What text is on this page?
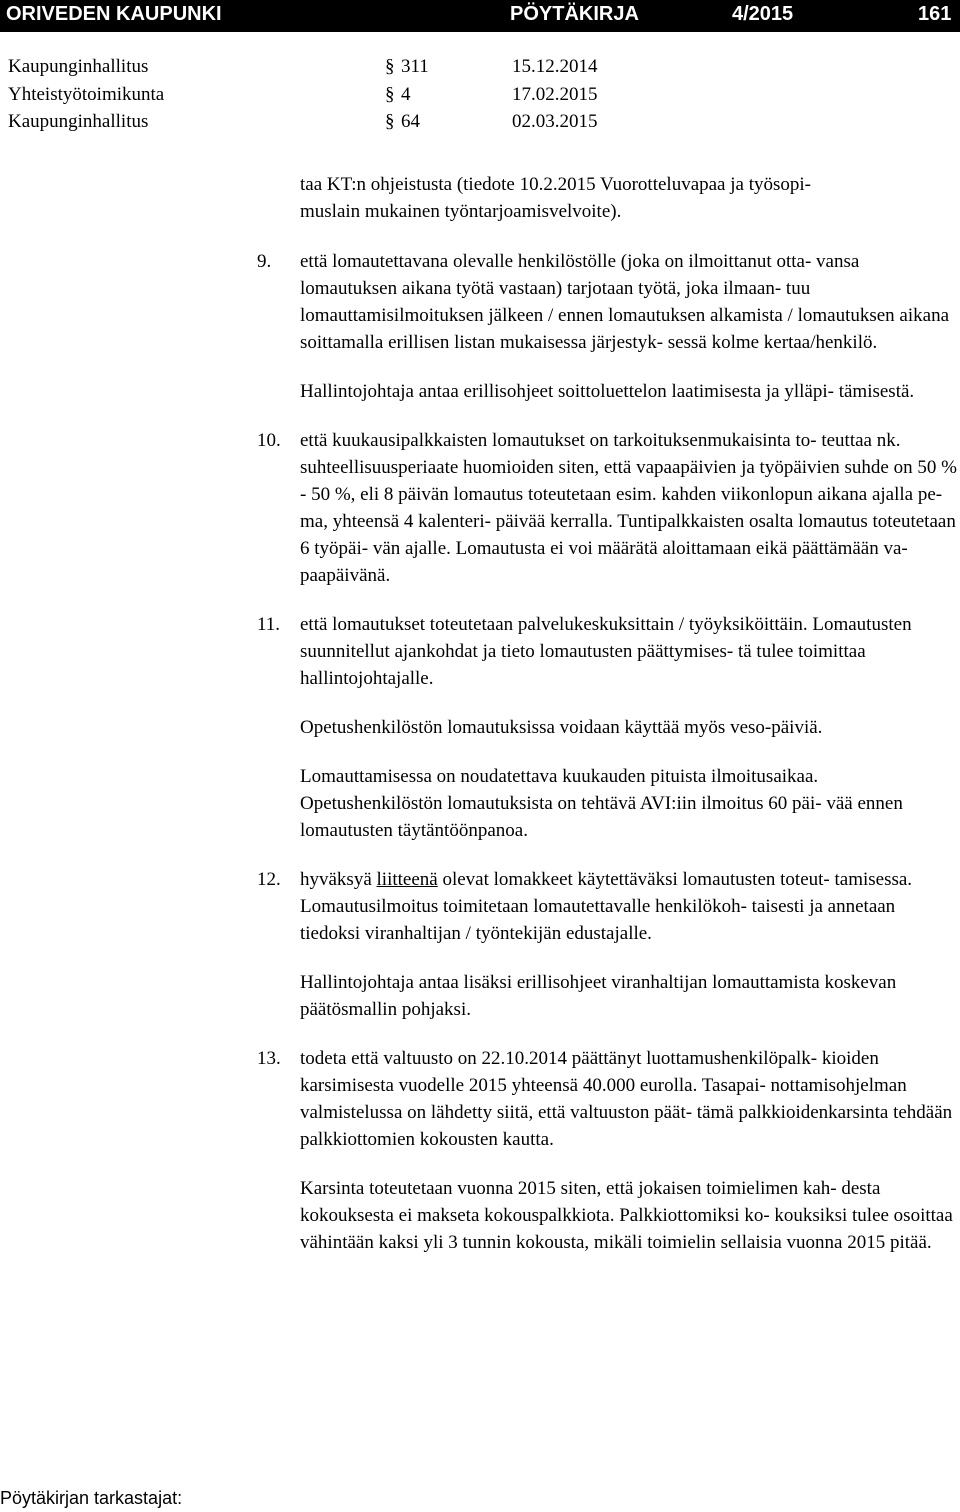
ORIVEDEN KAUPUNKI	PÖYTÄKIRJA	4/2015	161
Kaupunginhallitus	§ 311	15.12.2014
Yhteistyötoimikunta	§ 4	17.02.2015
Kaupunginhallitus	§ 64	02.03.2015

taa KT:n ohjeistusta (tiedote 10.2.2015 Vuorotteluvapaa ja työsopi-

muslain mukainen työntarjoamisvelvoite).

9. että lomautettavana olevalle henkilöstölle (joka on ilmoittanut otta- vansa lomautuksen aikana työtä vastaan) tarjotaan työtä, joka ilmaan- tuu lomauttamisilmoituksen jälkeen / ennen lomautuksen alkamista / lomautuksen aikana soittamalla erillisen listan mukaisessa järjestyk- sessä kolme kertaa/henkilö.

Hallintojohtaja antaa erillisohjeet soittoluettelon laatimisesta ja ylläpi- tämisestä.

10. että kuukausipalkkaisten lomautukset on tarkoituksenmukaisinta to- teuttaa nk. suhteellisuusperiaate huomioiden siten, että vapaapäivien ja työpäivien suhde on 50 % - 50 %, eli 8 päivän lomautus toteutetaan esim. kahden viikonlopun aikana ajalla pe-ma, yhteensä 4 kalenteri- päivää kerralla. Tuntipalkkaisten osalta lomautus toteutetaan 6 työpäi- vän ajalle. Lomautusta ei voi määrätä aloittamaan eikä päättämään va- paapäivänä.

11. että lomautukset toteutetaan palvelukeskuksittain / työyksiköittäin. Lomautusten suunnitellut ajankohdat ja tieto lomautusten päättymises- tä tulee toimittaa hallintojohtajalle.

Opetushenkilöstön lomautuksissa voidaan käyttää myös veso-päiviä.

Lomauttamisessa on noudatettava kuukauden pituista ilmoitusaikaa. Opetushenkilöstön lomautuksista on tehtävä AVI:iin ilmoitus 60 päi- vää ennen lomautusten täytäntöönpanoa.

12. hyväksyä liitteenä olevat lomakkeet käytettäväksi lomautusten toteut- tamisessa. Lomautusilmoitus toimitetaan lomautettavalle henkilökoh- taisesti ja annetaan tiedoksi viranhaltijan / työntekijän edustajalle.

Hallintojohtaja antaa lisäksi erillisohjeet viranhaltijan lomauttamista koskevan päätösmallin pohjaksi.

13. todeta että valtuusto on 22.10.2014 päättänyt luottamushenkilöpalk- kioiden karsimisesta vuodelle 2015 yhteensä 40.000 eurolla. Tasapai- nottamisohjelman valmistelussa on lähdetty siitä, että valtuuston päät- tämä palkkioidenkarsinta tehdään palkkiottomien kokousten kautta.

Karsinta toteutetaan vuonna 2015 siten, että jokaisen toimielimen kah- desta kokouksesta ei makseta kokouspalkkiota. Palkkiottomiksi ko- kouksiksi tulee osoittaa vähintään kaksi yli 3 tunnin kokousta, mikäli toimielin sellaisia vuonna 2015 pitää.

Pöytäkirjan tarkastajat:
